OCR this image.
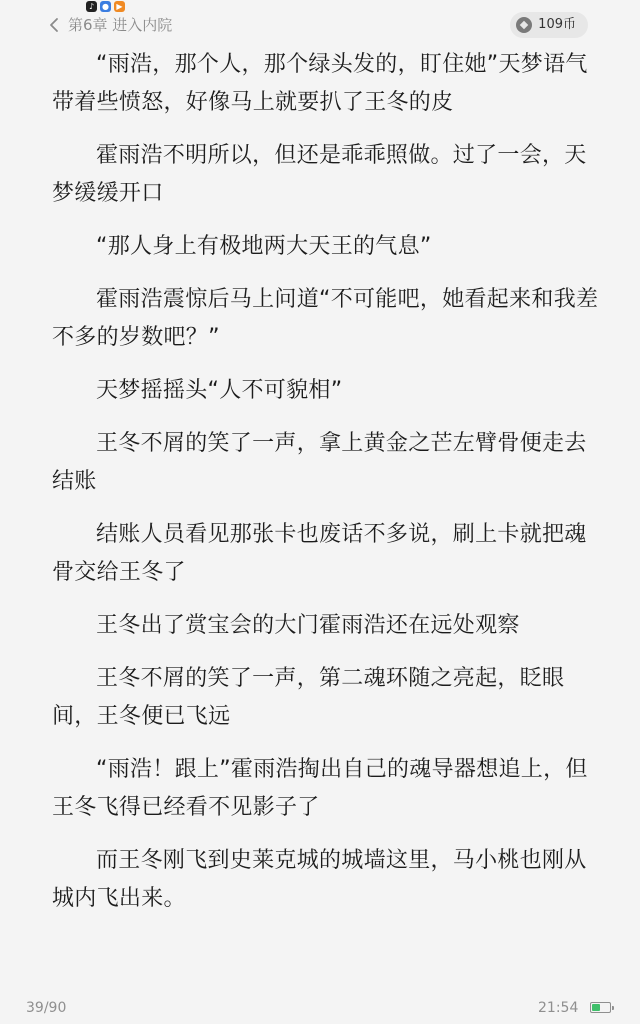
♪ ● ▶
第6章 进入内院	109币

“雨浩，那个人，那个绿头发的，盯住她”天梦语气带着些愤怒，好像马上就要扒了王冬的皮

霍雨浩不明所以，但还是乖乖照做。过了一会，天梦缓缓开口

“那人身上有极地两大天王的气息”

霍雨浩震惊后马上问道“不可能吧，她看起来和我差不多的岁数吧？”

天梦摇摇头“人不可貌相”

王冬不屑的笑了一声，拿上黄金之芒左臂骨便走去结账

结账人员看见那张卡也废话不多说，刷上卡就把魂骨交给王冬了

王冬出了赏宝会的大门霍雨浩还在远处观察

王冬不屑的笑了一声，第二魂环随之亮起，眨眼间，王冬便已飞远

“雨浩！跟上”霍雨浩掏出自己的魂导器想追上，但王冬飞得已经看不见影子了

而王冬刚飞到史莱克城的城墙这里，马小桃也刚从城内飞出来。

39/90	21:54
